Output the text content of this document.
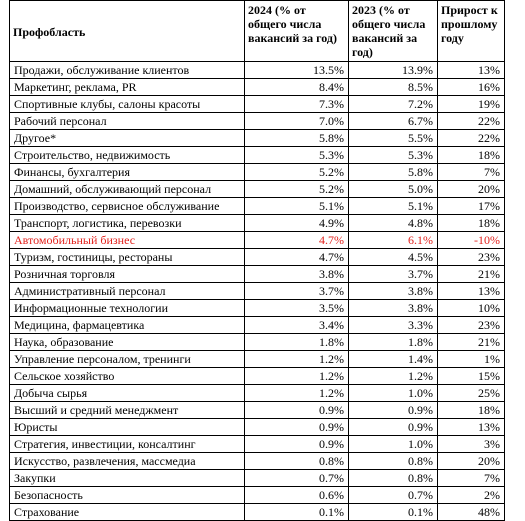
Профобласть	2024 (% от общего числа вакансий за год)	2023 (% от общего числа вакансий за год)	Прирост к прошлому году
Продажи, обслуживание клиентов	13.5%	13.9%	13%
Маркетинг, реклама, PR	8.4%	8.5%	16%
Спортивные клубы, салоны красоты	7.3%	7.2%	19%
Рабочий персонал	7.0%	6.7%	22%
Другое*	5.8%	5.5%	22%
Строительство, недвижимость	5.3%	5.3%	18%
Финансы, бухгалтерия	5.2%	5.8%	7%
Домашний, обслуживающий персонал	5.2%	5.0%	20%
Производство, сервисное обслуживание	5.1%	5.1%	17%
Транспорт, логистика, перевозки	4.9%	4.8%	18%
Автомобильный бизнес	4.7%	6.1%	-10%
Туризм, гостиницы, рестораны	4.7%	4.5%	23%
Розничная торговля	3.8%	3.7%	21%
Административный персонал	3.7%	3.8%	13%
Информационные технологии	3.5%	3.8%	10%
Медицина, фармацевтика	3.4%	3.3%	23%
Наука, образование	1.8%	1.8%	21%
Управление персоналом, тренинги	1.2%	1.4%	1%
Сельское хозяйство	1.2%	1.2%	15%
Добыча сырья	1.2%	1.0%	25%
Высший и средний менеджмент	0.9%	0.9%	18%
Юристы	0.9%	0.9%	13%
Стратегия, инвестиции, консалтинг	0.9%	1.0%	3%
Искусство, развлечения, массмедиа	0.8%	0.8%	20%
Закупки	0.7%	0.8%	7%
Безопасность	0.6%	0.7%	2%
Страхование	0.1%	0.1%	48%
